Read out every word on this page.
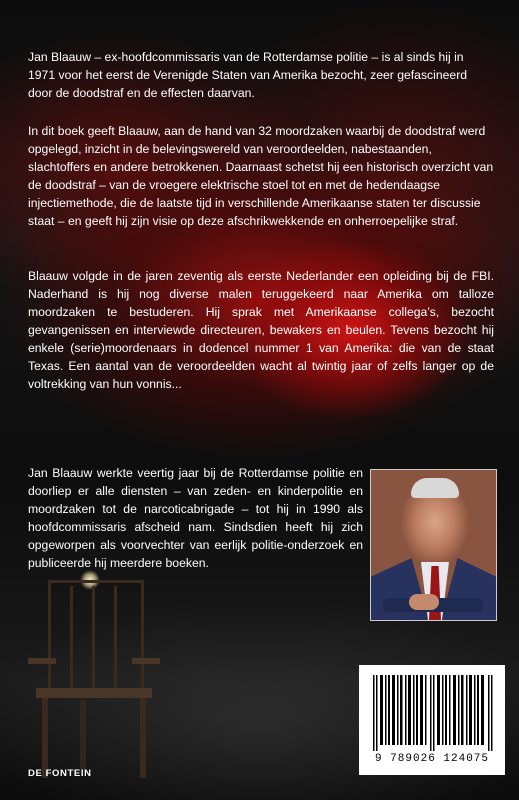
Jan Blaauw – ex-hoofdcommissaris van de Rotterdamse politie – is al sinds hij in 1971 voor het eerst de Verenigde Staten van Amerika bezocht, zeer gefascineerd door de doodstraf en de effecten daarvan.

In dit boek geeft Blaauw, aan de hand van 32 moordzaken waarbij de doodstraf werd opgelegd, inzicht in de belevingswereld van veroordeelden, nabestaanden, slachtoffers en andere betrokkenen. Daarnaast schetst hij een historisch overzicht van de doodstraf – van de vroegere elektrische stoel tot en met de hedendaagse injectiemethode, die de laatste tijd in verschillende Amerikaanse staten ter discussie staat – en geeft hij zijn visie op deze afschrikwekkende en onherroepelijke straf.

Blaauw volgde in de jaren zeventig als eerste Nederlander een opleiding bij de FBI. Naderhand is hij nog diverse malen teruggekeerd naar Amerika om talloze moordzaken te bestuderen. Hij sprak met Amerikaanse collega’s, bezocht gevangenissen en interviewde directeuren, bewakers en beulen. Tevens bezocht hij enkele (serie)moordenaars in dodencel nummer 1 van Amerika: die van de staat Texas. Een aantal van de veroordeelden wacht al twintig jaar of zelfs langer op de voltrekking van hun vonnis...

Jan Blaauw werkte veertig jaar bij de Rotterdamse politie en doorliep er alle diensten – van zeden- en kinderpolitie en moordzaken tot de narcoticabrigade – tot hij in 1990 als hoofdcommissaris afscheid nam. Sindsdien heeft hij zich opgeworpen als voorvechter van eerlijk politie-onderzoek en publiceerde hij meerdere boeken.

DE FONTEIN
9 789026 124075
